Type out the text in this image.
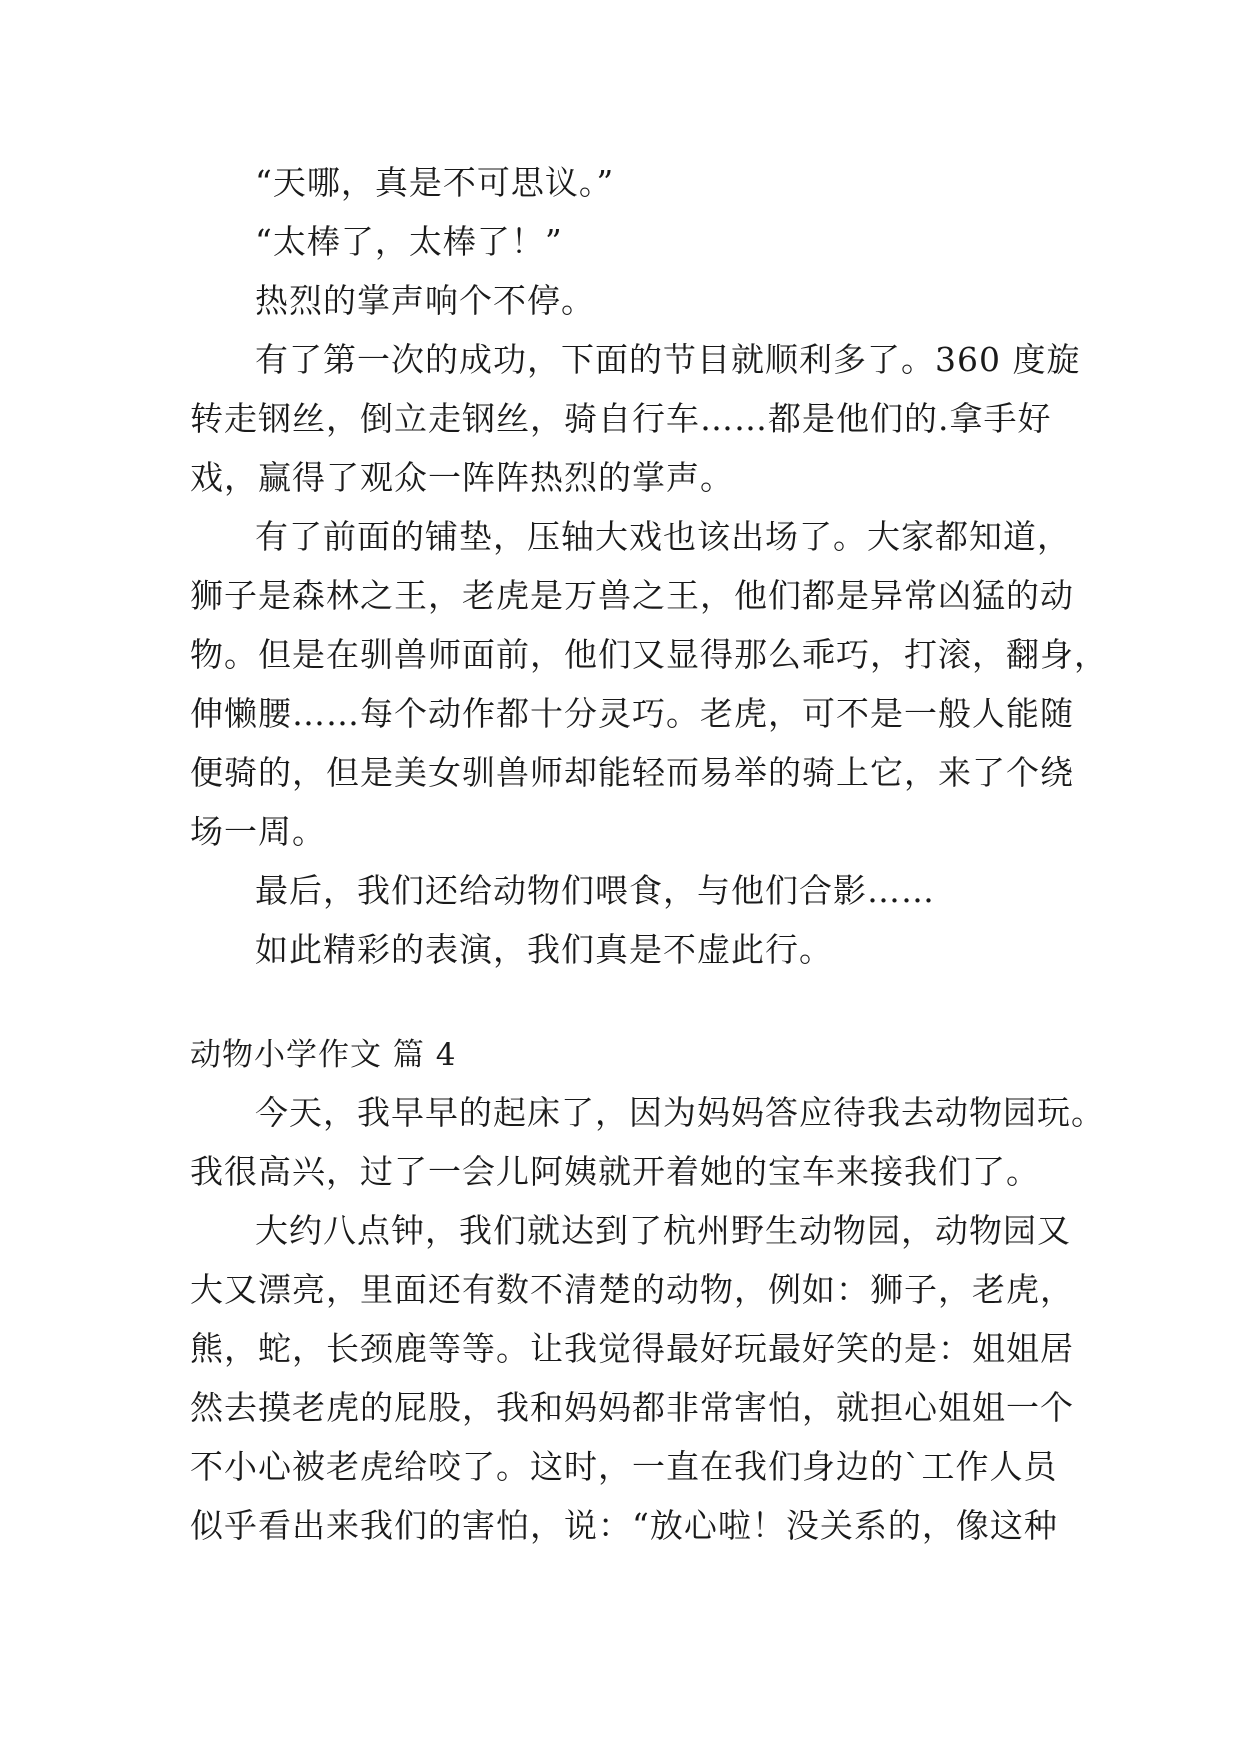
“天哪，真是不可思议。”
“太棒了，太棒了！”
热烈的掌声响个不停。
有了第一次的成功，下面的节目就顺利多了。360 度旋
转走钢丝，倒立走钢丝，骑自行车……都是他们的.拿手好
戏，赢得了观众一阵阵热烈的掌声。
有了前面的铺垫，压轴大戏也该出场了。大家都知道，
狮子是森林之王，老虎是万兽之王，他们都是异常凶猛的动
物。但是在驯兽师面前，他们又显得那么乖巧，打滚，翻身，
伸懒腰……每个动作都十分灵巧。老虎，可不是一般人能随
便骑的，但是美女驯兽师却能轻而易举的骑上它，来了个绕
场一周。
最后，我们还给动物们喂食，与他们合影……
如此精彩的表演，我们真是不虚此行。
动物小学作文 篇 4
今天，我早早的起床了，因为妈妈答应待我去动物园玩。
我很高兴，过了一会儿阿姨就开着她的宝车来接我们了。
大约八点钟，我们就达到了杭州野生动物园，动物园又
大又漂亮，里面还有数不清楚的动物，例如：狮子，老虎，
熊，蛇，长颈鹿等等。让我觉得最好玩最好笑的是：姐姐居
然去摸老虎的屁股，我和妈妈都非常害怕，就担心姐姐一个
不小心被老虎给咬了。这时，一直在我们身边的`工作人员
似乎看出来我们的害怕，说：“放心啦！没关系的，像这种
